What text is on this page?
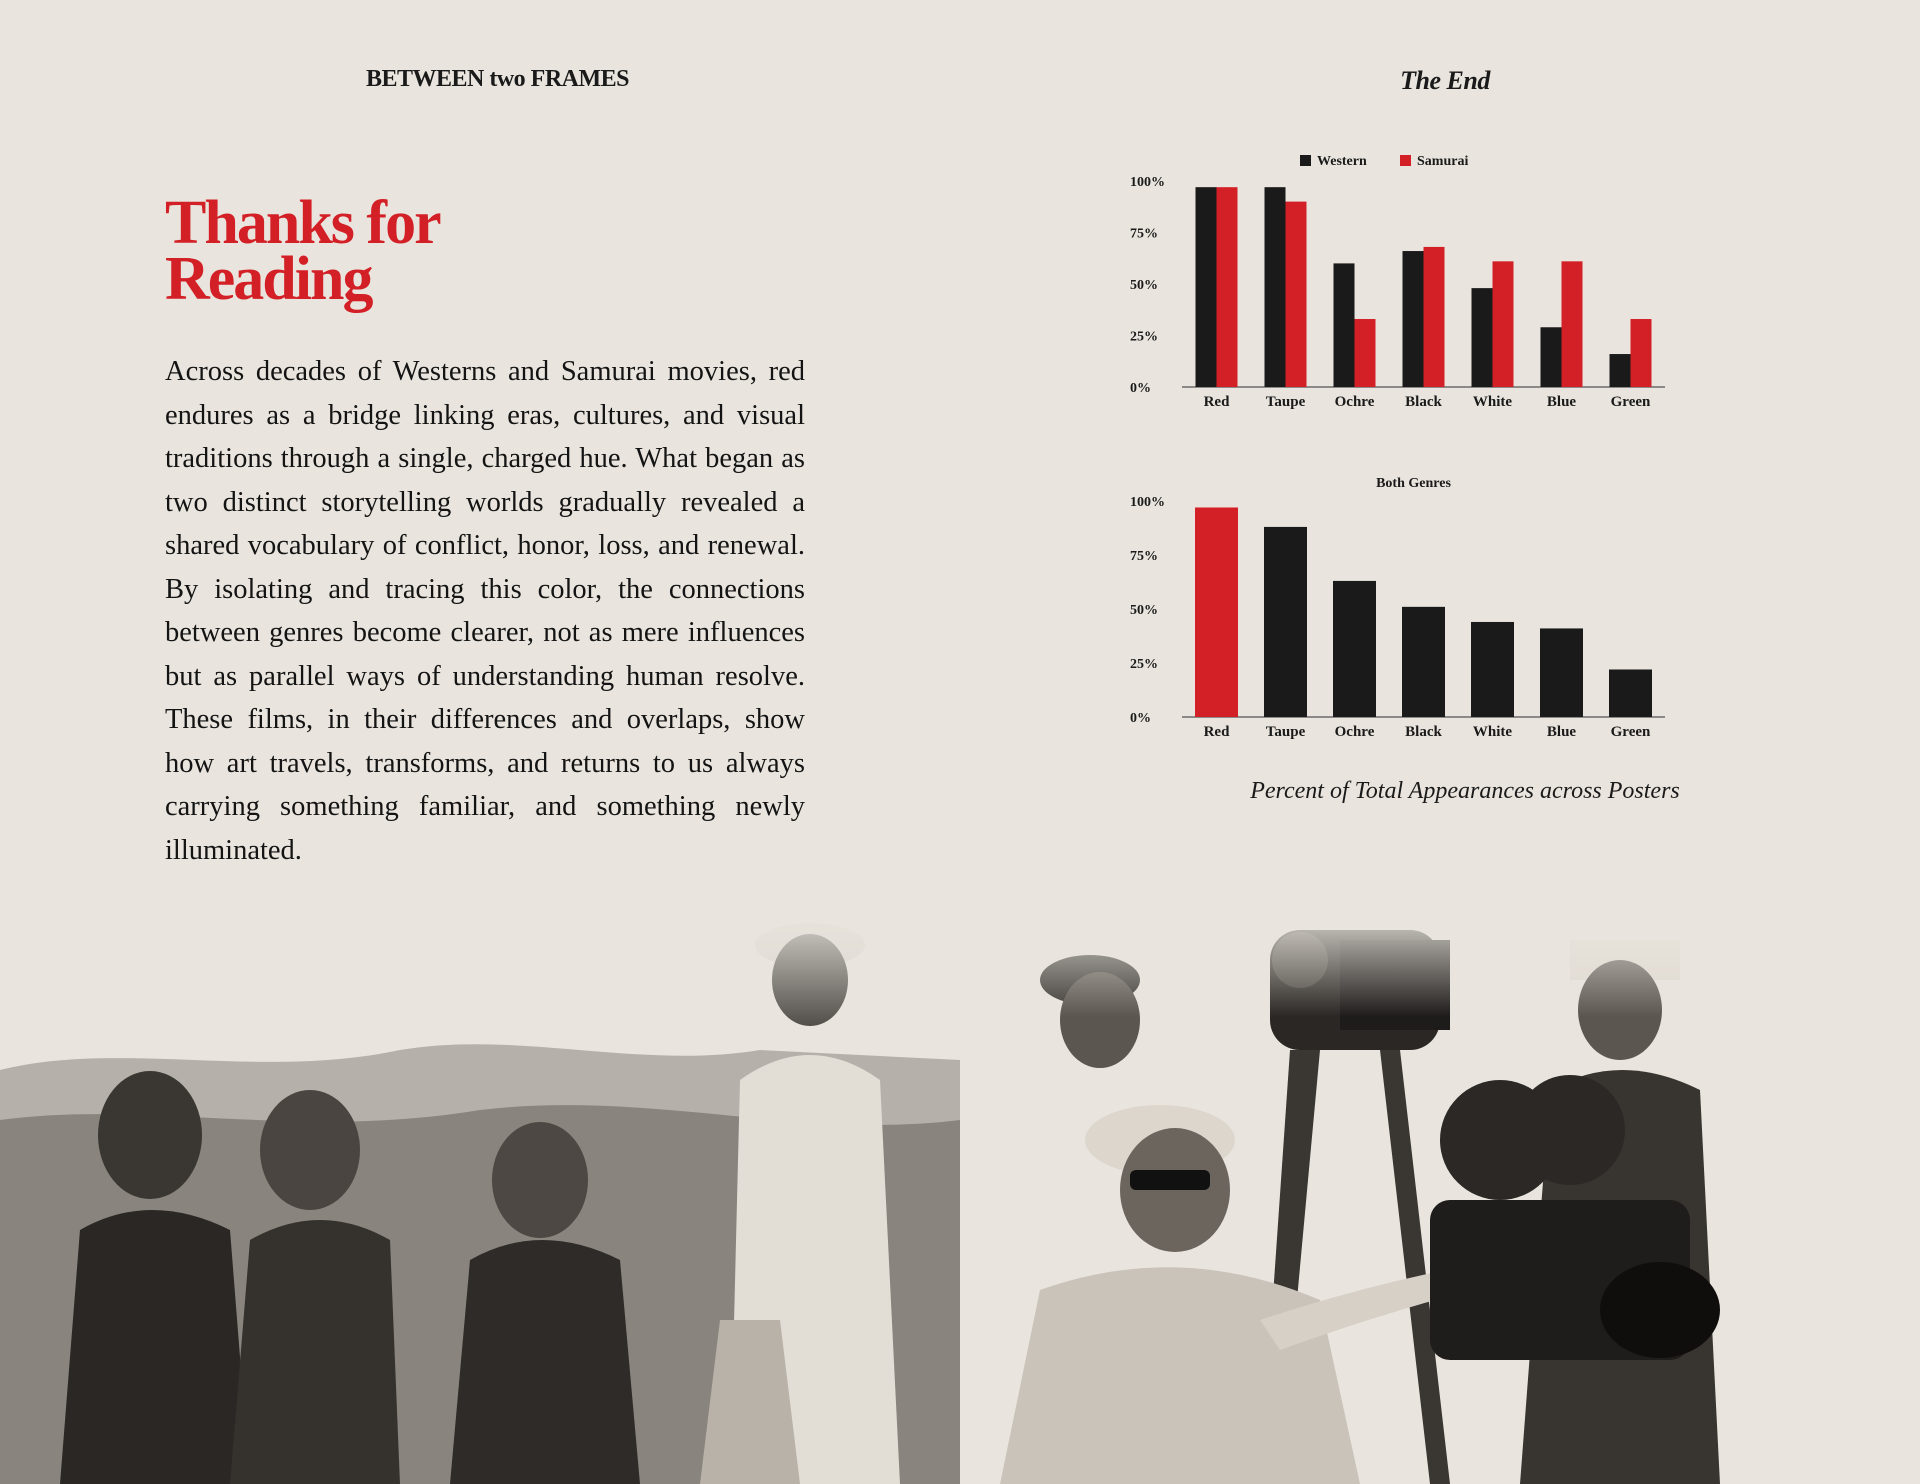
BETWEEN two FRAMES
Thanks for
Reading

Across decades of Westerns and Samurai movies, red endures as a bridge linking eras, cultures, and visual traditions through a single, charged hue. What began as two distinct storytelling worlds gradually revealed a shared vocabulary of conflict, honor, loss, and renewal. By isolating and tracing this color, the connections between genres become clearer, not as mere influences but as parallel ways of understanding human resolve. These films, in their differences and overlaps, show how art travels, transforms, and returns to us always carrying something familiar, and something newly illuminated.

The End
0%
25%
50%
75%
100%
Red Taupe Ochre Black White Blue Green
Western	Samurai
0%
25%
50%
75%
100%
Both Genres
Red Taupe Ochre Black White Blue Green
Percent of Total Appearances across Posters
